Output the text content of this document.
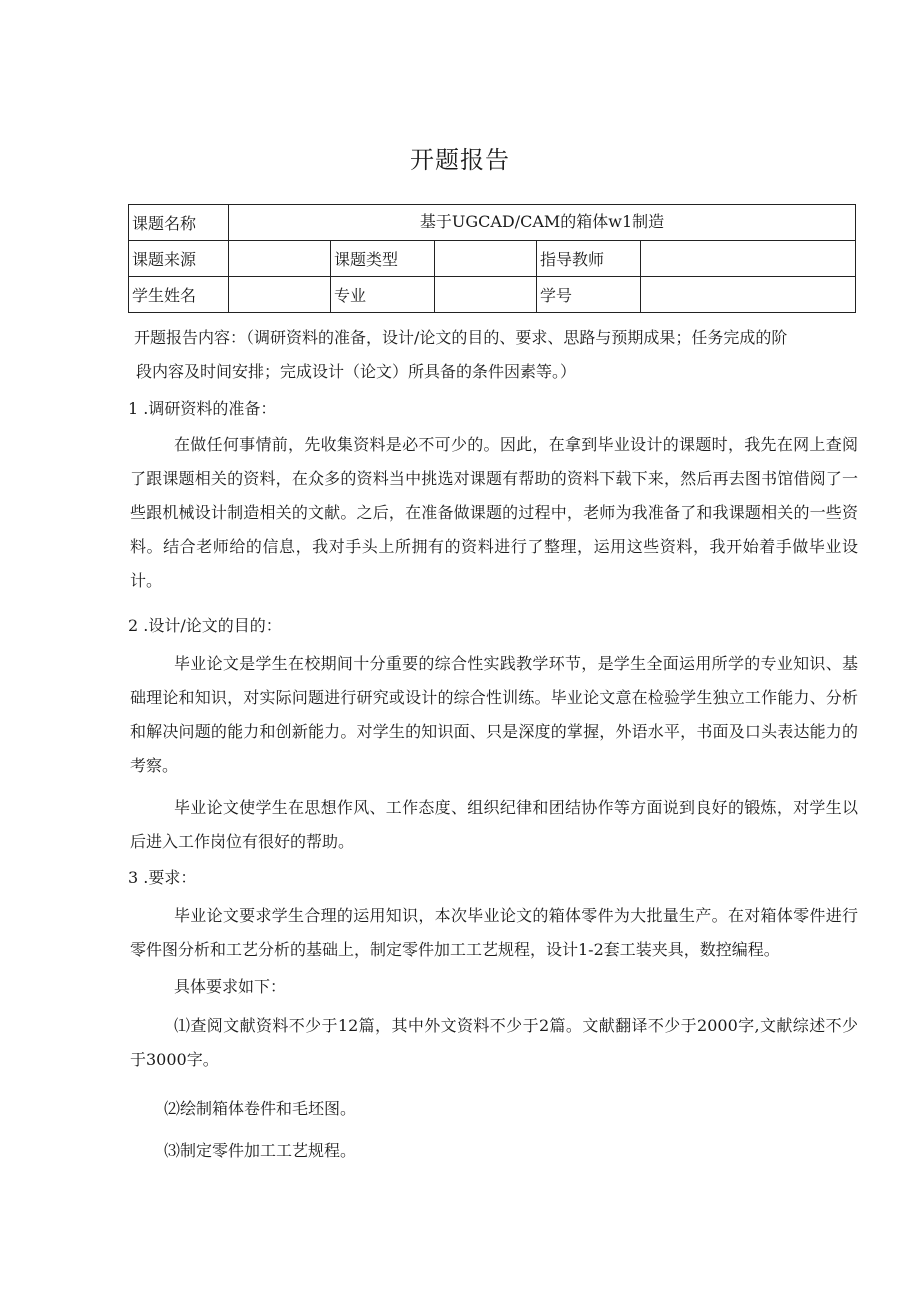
开题报告
课题名称	基于UGCAD/CAM的箱体w1制造				
课题来源		课题类型		指导教师	
学生姓名		专业		学号	
开题报告内容：（调研资料的准备，设计/论文的目的、要求、思路与预期成果；任务完成的阶
段内容及时间安排；完成设计（论文）所具备的条件因素等。）
1 .调研资料的准备：
在做任何事情前，先收集资料是必不可少的。因此，在拿到毕业设计的课题时，我先在网上查阅了跟课题相关的资料，在众多的资料当中挑选对课题有帮助的资料下载下来，然后再去图书馆借阅了一些跟机械设计制造相关的文献。之后，在准备做课题的过程中，老师为我准备了和我课题相关的一些资料。结合老师给的信息，我对手头上所拥有的资料进行了整理，运用这些资料，我开始着手做毕业设计。
2 .设计/论文的目的：
毕业论文是学生在校期间十分重要的综合性实践教学环节，是学生全面运用所学的专业知识、基础理论和知识，对实际问题进行研究或设计的综合性训练。毕业论文意在检验学生独立工作能力、分析和解决问题的能力和创新能力。对学生的知识面、只是深度的掌握，外语水平，书面及口头表达能力的考察。
毕业论文使学生在思想作风、工作态度、组织纪律和团结协作等方面说到良好的锻炼，对学生以后进入工作岗位有很好的帮助。
3 .要求：
毕业论文要求学生合理的运用知识，本次毕业论文的箱体零件为大批量生产。在对箱体零件进行零件图分析和工艺分析的基础上，制定零件加工工艺规程，设计1-2套工装夹具，数控编程。
具体要求如下：
⑴查阅文献资料不少于12篇，其中外文资料不少于2篇。文献翻译不少于2000字,文献综述不少于3000字。
⑵绘制箱体卷件和毛坯图。
⑶制定零件加工工艺规程。
